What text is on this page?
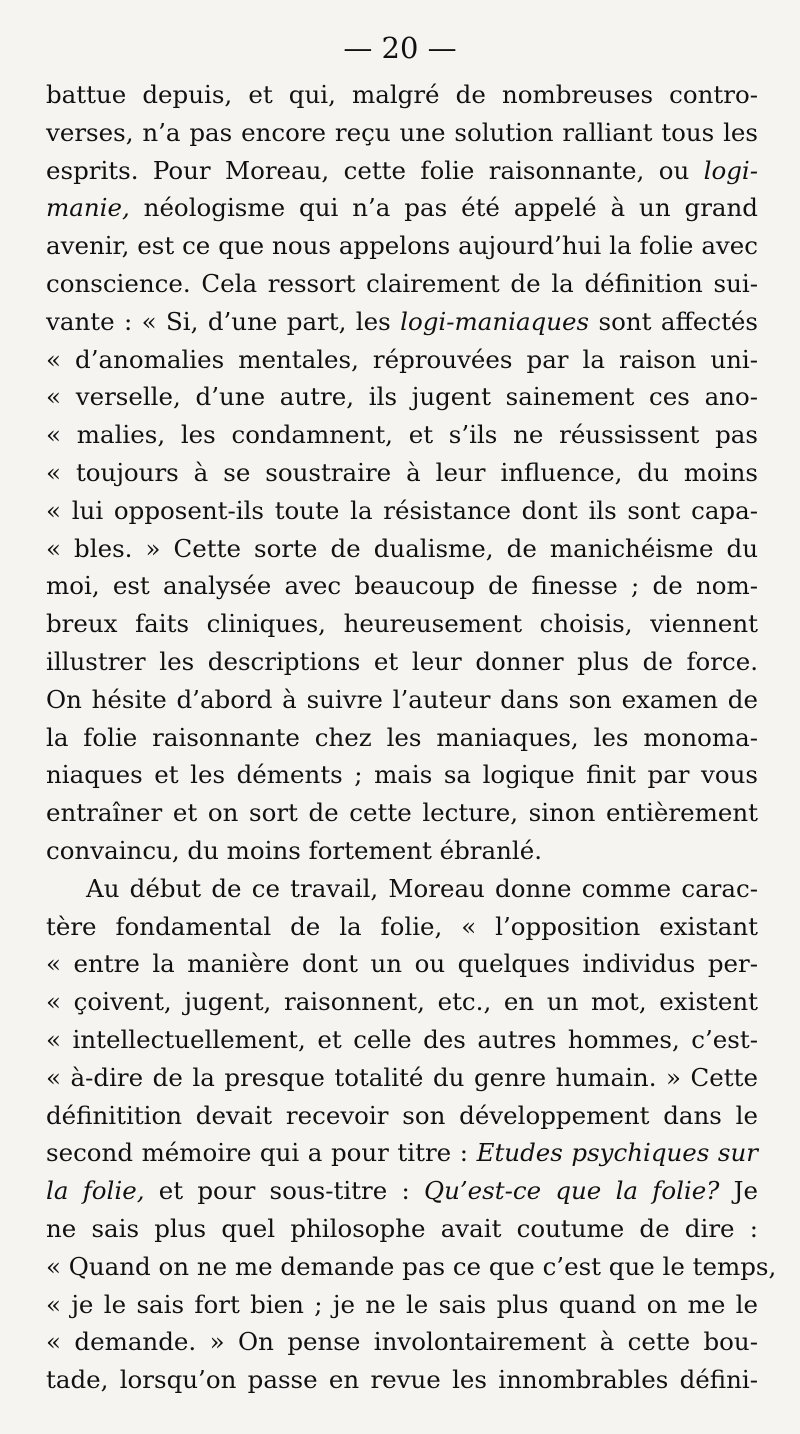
— 20 —
battue depuis, et qui, malgré de nombreuses contro-
verses, n’a pas encore reçu une solution ralliant tous les
esprits. Pour Moreau, cette folie raisonnante, ou logi-
manie, néologisme qui n’a pas été appelé à un grand
avenir, est ce que nous appelons aujourd’hui la folie avec
conscience. Cela ressort clairement de la définition sui-
vante : « Si, d’une part, les logi-maniaques sont affectés
« d’anomalies mentales, réprouvées par la raison uni-
« verselle, d’une autre, ils jugent sainement ces ano-
« malies, les condamnent, et s’ils ne réussissent pas
« toujours à se soustraire à leur influence, du moins
« lui opposent-ils toute la résistance dont ils sont capa-
« bles. » Cette sorte de dualisme, de manichéisme du
moi, est analysée avec beaucoup de finesse ; de nom-
breux faits cliniques, heureusement choisis, viennent
illustrer les descriptions et leur donner plus de force.
On hésite d’abord à suivre l’auteur dans son examen de
la folie raisonnante chez les maniaques, les monoma-
niaques et les déments ; mais sa logique finit par vous
entraîner et on sort de cette lecture, sinon entièrement
convaincu, du moins fortement ébranlé.
Au début de ce travail, Moreau donne comme carac-
tère fondamental de la folie, « l’opposition existant
« entre la manière dont un ou quelques individus per-
« çoivent, jugent, raisonnent, etc., en un mot, existent
« intellectuellement, et celle des autres hommes, c’est-
« à-dire de la presque totalité du genre humain. » Cette
définitition devait recevoir son développement dans le
second mémoire qui a pour titre : Etudes psychiques sur
la folie, et pour sous-titre : Qu’est-ce que la folie? Je
ne sais plus quel philosophe avait coutume de dire :
« Quand on ne me demande pas ce que c’est que le temps,
« je le sais fort bien ; je ne le sais plus quand on me le
« demande. » On pense involontairement à cette bou-
tade, lorsqu’on passe en revue les innombrables défini-
